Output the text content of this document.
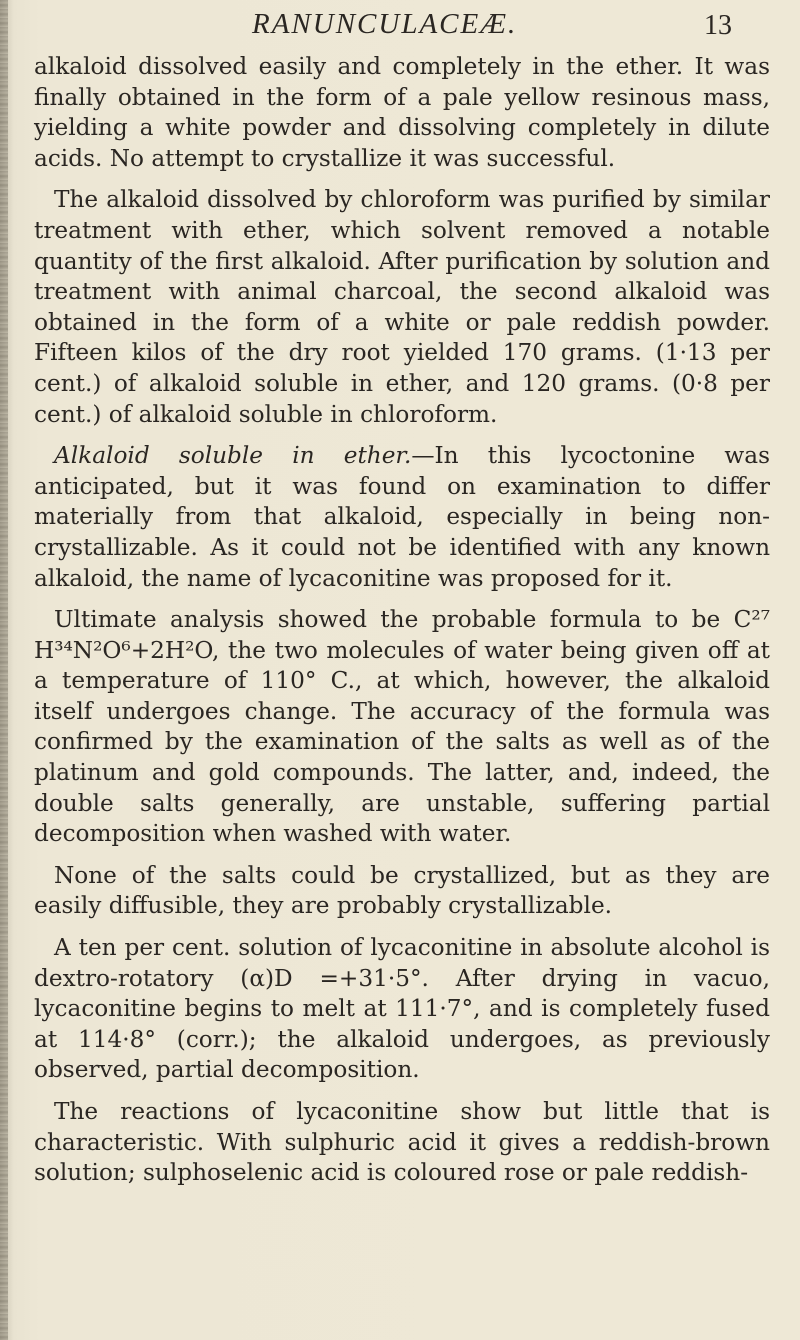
RANUNCULACEÆ.	13

alkaloid dissolved easily and completely in the ether. It was finally obtained in the form of a pale yellow resinous mass, yielding a white powder and dissolving completely in dilute acids. No attempt to crystallize it was successful.

The alkaloid dissolved by chloroform was purified by similar treatment with ether, which solvent removed a notable quantity of the first alkaloid. After purification by solution and treatment with animal charcoal, the second alkaloid was obtained in the form of a white or pale reddish powder. Fifteen kilos of the dry root yielded 170 grams. (1·13 per cent.) of alkaloid soluble in ether, and 120 grams. (0·8 per cent.) of alkaloid soluble in chloroform.

Alkaloid soluble in ether.—In this lycoctonine was anticipated, but it was found on examination to differ materially from that alkaloid, especially in being non-crystallizable. As it could not be identified with any known alkaloid, the name of lycaconitine was proposed for it.

Ultimate analysis showed the probable formula to be C²⁷ H³⁴N²O⁶+2H²O, the two molecules of water being given off at a temperature of 110° C., at which, however, the alkaloid itself undergoes change. The accuracy of the formula was confirmed by the examination of the salts as well as of the platinum and gold compounds. The latter, and, indeed, the double salts generally, are unstable, suffering partial decomposition when washed with water.

None of the salts could be crystallized, but as they are easily diffusible, they are probably crystallizable.

A ten per cent. solution of lycaconitine in absolute alcohol is dextro-rotatory (α)D =+31·5°. After drying in vacuo, lycaconitine begins to melt at 111·7°, and is completely fused at 114·8° (corr.); the alkaloid undergoes, as previously observed, partial decomposition.

The reactions of lycaconitine show but little that is characteristic. With sulphuric acid it gives a reddish-brown solution; sulphoselenic acid is coloured rose or pale reddish-
